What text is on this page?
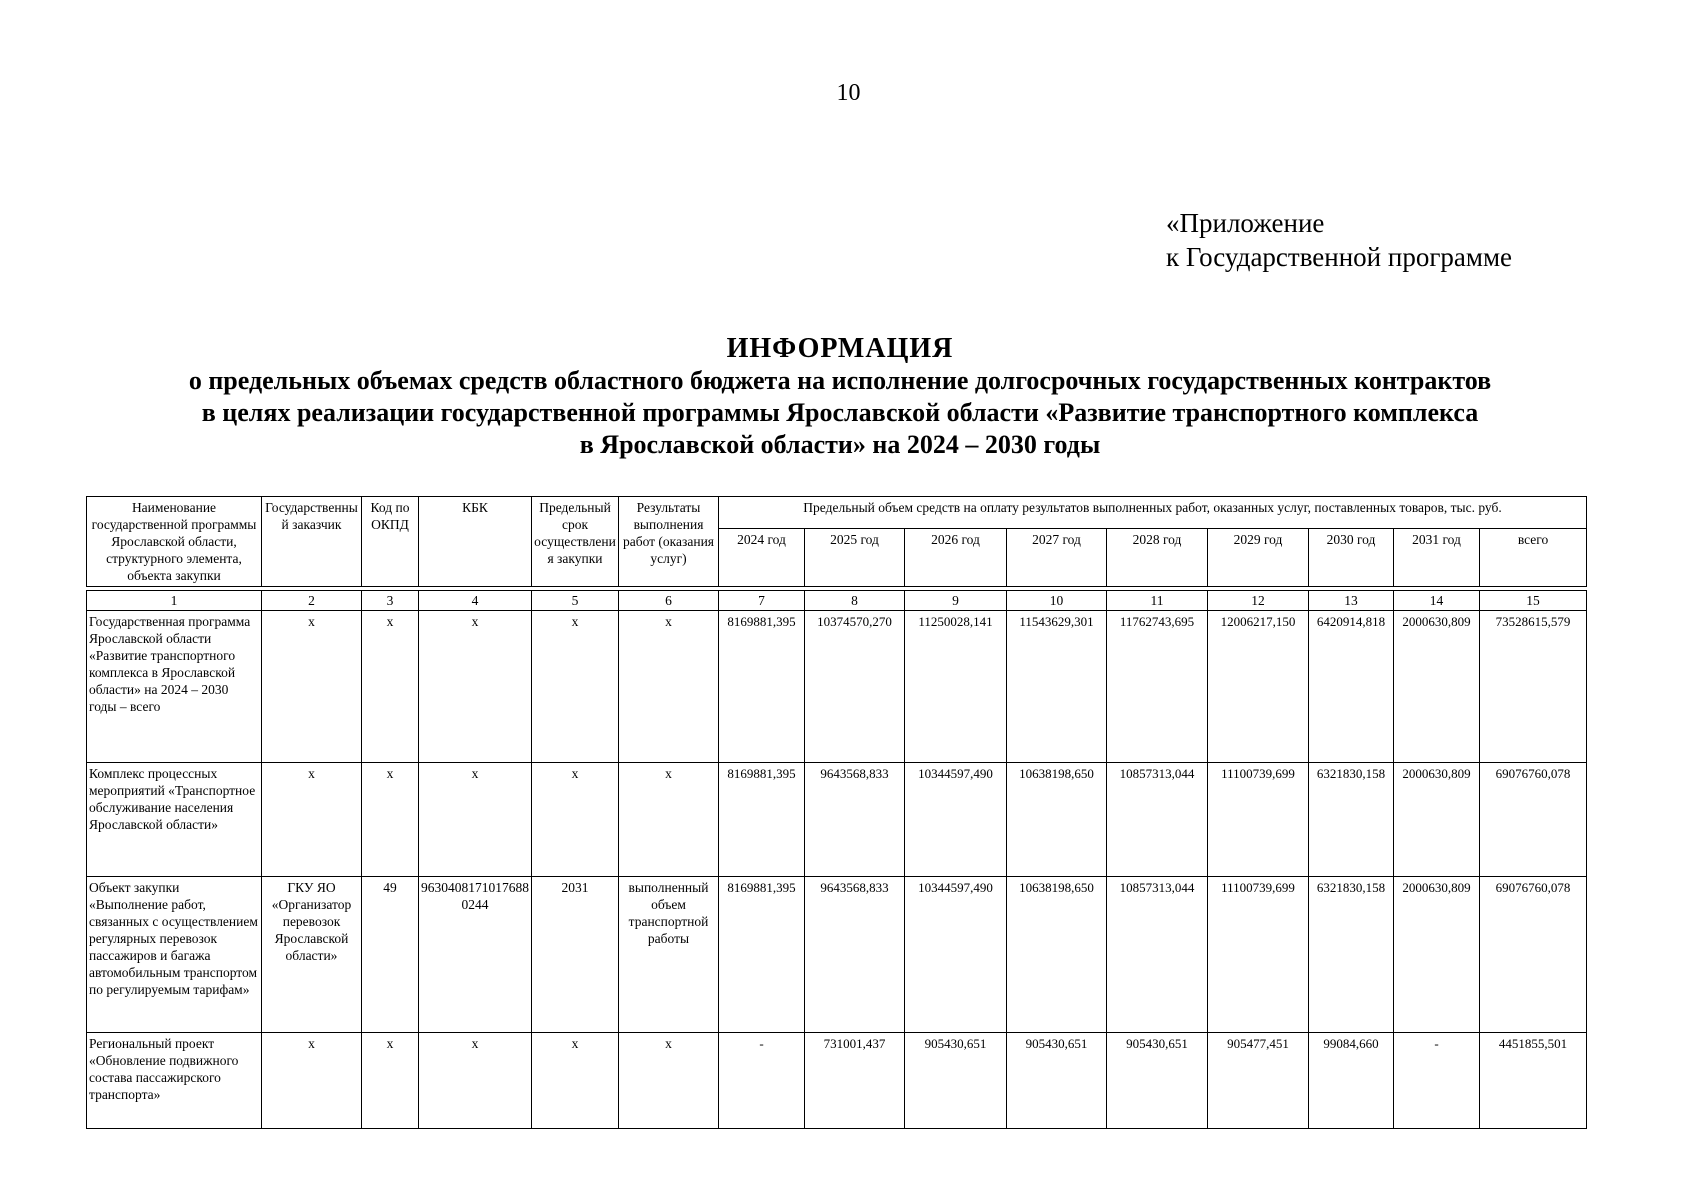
10
«Приложение
к Государственной программе
ИНФОРМАЦИЯ
о предельных объемах средств областного бюджета на исполнение долгосрочных государственных контрактов
в целях реализации государственной программы Ярославской области «Развитие транспортного комплекса
в Ярославской области» на 2024 – 2030 годы
Наименование государственной программы Ярославской области, структурного элемента, объекта закупки	Государственный заказчик	Код по ОКПД	КБК	Предельный срок осуществления закупки	Результаты выполнения работ (оказания услуг)	Предельный объем средств на оплату результатов выполненных работ, оказанных услуг, поставленных товаров, тыс. руб.								
						2024 год	2025 год	2026 год	2027 год	2028 год	2029 год	2030 год	2031 год	всего

1	2	3	4	5	6	7	8	9	10	11	12	13	14	15
Государственная программа Ярославской области «Развитие транспортного комплекса в Ярославской области» на 2024 – 2030 годы – всего	х	х	х	х	х	8169881,395	10374570,270	11250028,141	11543629,301	11762743,695	12006217,150	6420914,818	2000630,809	73528615,579
Комплекс процессных мероприятий «Транспортное обслуживание населения Ярославской области»	х	х	х	х	х	8169881,395	9643568,833	10344597,490	10638198,650	10857313,044	11100739,699	6321830,158	2000630,809	69076760,078
Объект закупки «Выполнение работ, связанных с осуществлением регулярных перевозок пассажиров и багажа автомобильным транспортом по регулируемым тарифам»	ГКУ ЯО «Организатор перевозок Ярославской области»	49	96304081710176880244	2031	выполненный объем транспортной работы	8169881,395	9643568,833	10344597,490	10638198,650	10857313,044	11100739,699	6321830,158	2000630,809	69076760,078
Региональный проект «Обновление подвижного состава пассажирского транспорта»	х	х	х	х	х	-	731001,437	905430,651	905430,651	905430,651	905477,451	99084,660	-	4451855,501
